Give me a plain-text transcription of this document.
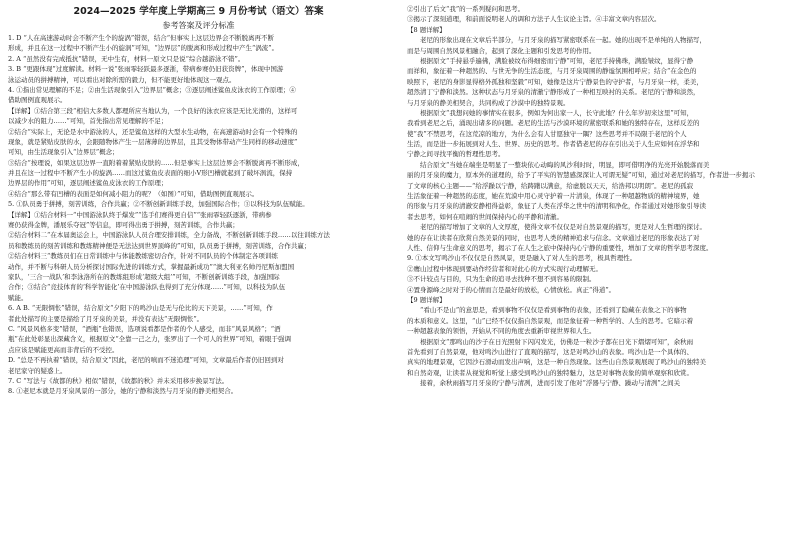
2024—2025 学年度上学期高三 9 月份考试（语文）答案
参考答案及评分标准
1. D “人在高速游动时会不断产生个的旋涡”错误，结合“但事实上这层边界会不断脱离再不断
形成，并且在这一过程中不断产生小的旋涡”可知，“边界层”的脱离和形成过程中产生“涡流”。
2. A “虽然没有完成抵抗”错误，无中生有，材料一原文只是说“综合越游泳不错”。
3. B “更跟体现”过度解读。材料一说“张雨霏轻跃最多逐浙，带病参赛仍旧获资牌”，体现中国游
泳运动员的拼搏精神，可以看出对除所需的毅力，但不能更好地体现这一观点。
4. ①指出常见理解的不足；②由生活现象引入“边界层”概念；③逐层阐述鲨鱼皮泳衣的工作原理；④
借助图例直观展示。
【详解】①结合第三段“相信大多数人都理所应当地认为，一个良好的泳衣应该是无比光滑的，这样可
以减少水的阻力……”可知，首先指出常见理解的不足；
②结合“实际上，无论是水中游泳的人，还是鲨鱼这样的大型水生动物，在高速游动时会有一个特殊的
现象，就是紧贴皮肤的水，会跟随物体产生一层薄薄的边界层，且其受物体带动产生同样的移动速度”
可知，由生活现象引入“边界层”概念；
③结合“按理说，如果这层边界一直附着着紧贴皮肤的……但是事实上这层边界会不断脱离再不断形成，
并且在这一过程中不断产生小的旋涡……而这过鲨鱼皮表面的细小V形凹槽就起到了破坏涡流，保持
边界层的作用”可知，逐层阐述鲨鱼皮泳衣的工作原理；
④结合“那么带有凹槽的表面是如何减小阻力的呢？（如图）”可知，借助图例直观展示。
5. ①队员勇于拼搏，刻苦训练，合作共赢；②不断创新训练手段，加强国际合作；③以科技为队伍赋能。
【详解】①结合材料一“中国游泳队终于爆发”“选手们赛得更自信”“张雨霏轻跃逐浙，带病参
赛仍获得金牌，潘展乐夺冠”等信息，即可得出勇于拼搏，刻苦训练，合作共赢；
②结合材料二“在本届奥运会上，中国游泳队人员合理安排训练，全力备战，不断创新训练手段……以往训练方法
员和教练员的刻苦训练和教练精神便是无法达到世界顶峰的”可知，队员勇于拼搏，刻苦训练，合作共赢；
②结合材料三“教练员们在日常训练中与体能教练密切合作，针对不同队员的个体制定各项训练
动作，并不断与科研人员分析探讨国际先进的训练方式，掌握最新成功”“澳大利亚名帅丹尼斯加盟国
家队，‘三合一战队’和李泳洛所在的教练组形成‘超级大组’”可知，不断创新训练手段，加强国际
合作；③结合“竞技体育的‘科学智能化’在中国游泳队也得到了充分体现……”可知，以科技为队伍
赋能。
6. A B. “无限惆怅”错误，结合原文“夕阳下的鸣沙山是无与伦比的天下美景，……”可知，作
者此处描写的主要是描绘了月牙泉的美景，并没有表达“无限惆怅”。
C. “风景风格多变”错误，“酒瓶”也错误，选项说看都是作者的个人感受，而非“风景风格”；“酒
瓶”在此处彰显出深藏含义，根据原文“全靠一己之力，张罗出了一个可人的世界”可知，着眼于强调
点应该是赋能更高而非背后的不受控。
D. “总是不再执着”错误，结合原文“因此，老尼的嗔而不迷追理”可知，文章最后作者仍旧回到对
老尼家守的疑惑上。
7. C “写法与《故都的秋》相似”错误，《故都的秋》并未采用移步换景写法。
8. ①老尼本就是月牙泉风景的一部分，她的宁静和淡然与月牙泉的静美相契合。
②引出了后文“我”的一系列疑问和思考。
③揭示了深刻道理，和前面说明老人的调和方法子人生议论主旨。④丰富文章内容层次。
【8 题详解】
老尼的形象出现在文章后半部分，与月牙泉的描写紧密联系在一起。她的出现不是单纯的人物描写，
而是与周围自然风景相融合，起到了深化主题和引发思考的作用。
根据原文“手持悬乎遍佛，满脸被纹布得细密而宁静”可知，老尼手持佛珠，满脸皱纹，显得宁静
而祥和，象征着一种超然的、与世无争的生活态度，与月牙泉周围的静谧氛围相呼应；结合“在金色的
映照下，老尼的身影显得格外孤独和坚毅”可知，她像是这片宁静景色的守护者，与月牙泉一样，柔美，
超然清丁宁静和淡然。这种状态与月牙泉的清澈宁静形成了一种相互映衬的关系。老尼的宁静和淡然，
与月牙泉的静美相契合，共同构成了沙漠中的独特景观。
根据原文“我想问她的事情实在很多，例如为何出家一人，长守此地？什么年岁初来这里”可知，
我看到老尼之后，涌现出诸多的问题。老尼的生活与沙漠环境的紧密联系和她的独特存在，这样反差的
使“我”不禁思考，在这荒凉的地方，为什么会有人甘愿独守一隅？这些思考并不局限于老尼的个人
生活，而是进一步拓展到对人生、世界、历史的思考。作者借老尼的存在引出关于人生应如何在浮华和
宁静之间寻找平衡的哲理性思考。
结合原文“当她在端坐是明显了一整块依心动晦的风沙利时时，明显，即可借明净的光亮开始脱落而美
丽的月牙泉的魔力，原本外的道理的，给予了平实的智慧感深深让人可谓无疑”可知，通过对老尼的描写，作者进一步揭示
了文章的核心主题——“给浮躁以宁静，给踌躇以满意，给虚脱以天天，给浩邦以明朗”。老尼的孤寂
生活象征着一种超然的态度，她在荒漠中用心灵守护着一片清泉，体现了一种超越物质的精神境界，她
的形象与月牙泉的清澈安静相得益彰，象征了人类在浮华之世中的清明和净化，作者通过对她形象引导读
者去思考，如何在喧闹的世间保持内心的平静和清澈。
老尼的描写增加了文章的人文厚度，使得文章不仅仅是对自然景观的描写，更是对人生哲理的探讨。
她的存在让读者在欣赏自然美景的同时，也思考人类的精神追求与信念。文章通过老尼的形象表达了对
人性、信仰与生命意义的思考，揭示了在人生之旅中保持内心宁静的重要性，增加了文章的哲学思考深度。
9. ①本文写鸣沙山不仅仅是自然风景，更是融入了对人生的思考，极具哲理性。
②鹰山过程中体现到要动作经营者和对此心的方式实现行动理解无。
③不计较点与目的，只为生命的追寻去找种不想不到容易的限制。
④置身源峰之时对于的心情而言是最好的放松，心情放松。真正“得道”。
【9 题详解】
“看山不是山”的意思是，看到事物不仅仅是看到事物的表象，还看到了隐藏在表象之下的事物
的本质和意义。这里，“山”已经不仅仅指自然景观，而是象征着一种哲学的、人生的思考。它暗示着
一种超越表象的领悟，开始从不同的角度去重新审视世界和人生。
根据原文“那鸣山的沙子在日光照射下闪闪发光，仿佛是一粒沙子都在日光下熠熠可知”，余秋雨
首先看到了自然景观，他对鸣沙山进行了直观的描写，这是对鸣沙山的表象。鸣沙山是一个具体的、
真实的地理景观，它因沙石滑动而发出声响，这是一种自然现象。这些山自然景观展现了鸣沙山的独特美
和自然奇观，让读者从视觉和听觉上感受到鸣沙山的独特魅力，这是对事物表象的简单观察和欣赏。
接着，余秋雨描写月牙泉的宁静与清冽，进而引发了他对“浮器与宁静、躁动与清洌”之间关
